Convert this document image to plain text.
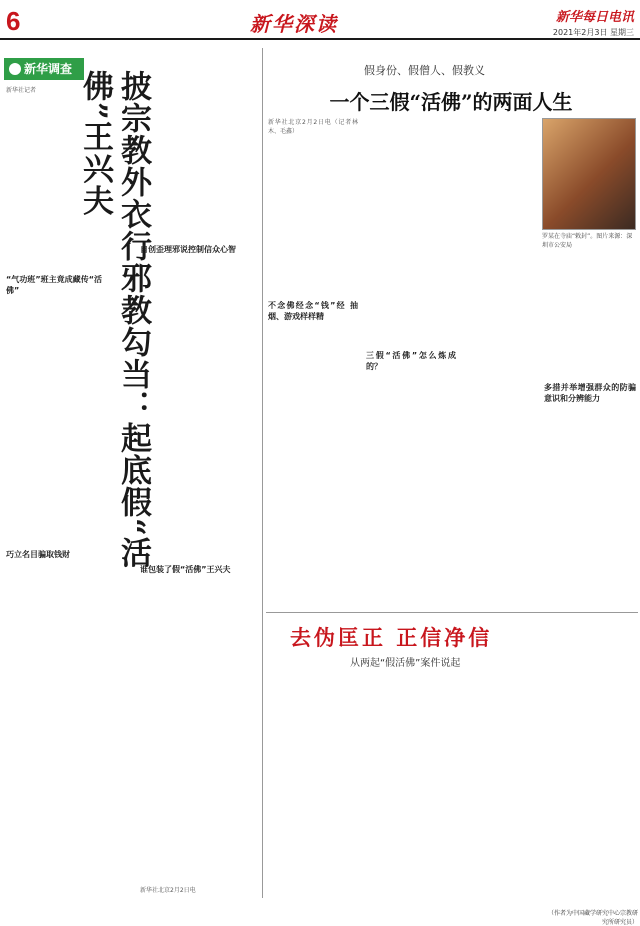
6	新华深读	新华每日电讯
2021年2月3日 星期三
新华调查
新华社记者
“气功班”班主竟成藏传“活佛”
巧立名目骗取钱财	披宗教外衣行邪教勾当：起底假“活佛”王兴夫
谁包装了假“活佛”王兴夫
自创歪理邪说控制信众心智
新华社北京2月2日电
假身份、假僧人、假教义
一个三假“活佛”的两面人生
新华社北京2月2日电（记者林木、毛鑫）
不念佛经念“钱”经 抽烟、游戏样样精
三假“活佛”怎么炼成的？
多措并举增强群众的防骗意识和分辨能力
罗某在寺庙“敕封”。图片来源：深圳市公安局
去伪匡正 正信净信
从两起“假活佛”案件说起
（作者为中国藏学研究中心宗教研究所研究员）
